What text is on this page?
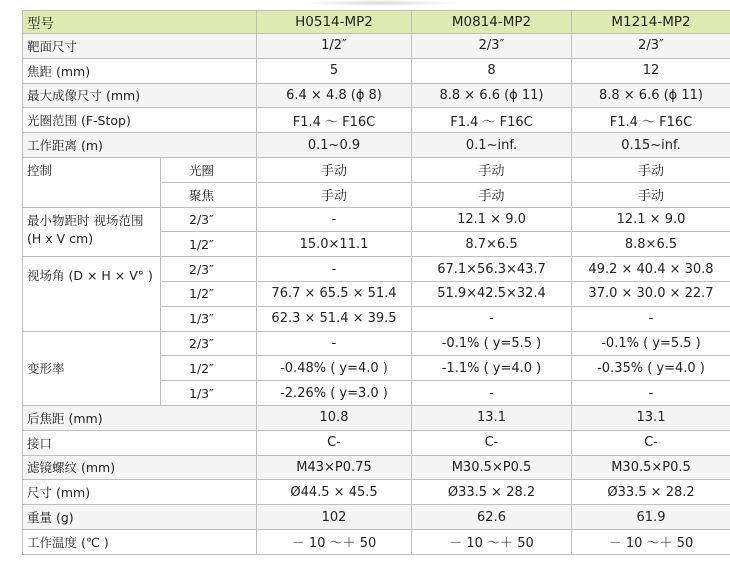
型号		H0514-MP2	M0814-MP2	M1214-MP2
靶面尺寸		1/2″	2/3″	2/3″
焦距 (mm)		5	8	12
最大成像尺寸 (mm)		6.4 × 4.8 (ϕ 8)	8.8 × 6.6 (ϕ 11)	8.8 × 6.6 (ϕ 11)
光圈范围 (F-Stop)		F1.4 〜 F16C	F1.4 〜 F16C	F1.4 〜 F16C
工作距离 (m)		0.1~0.9	0.1~inf.	0.15~inf.
控制	光圈	手动	手动	手动
	聚焦	手动	手动	手动
最小物距时 视场范围 (H x V cm)	2/3″	-	12.1 × 9.0	12.1 × 9.0
	1/2″	15.0×11.1	8.7×6.5	8.8×6.5
视场角 (D × H × V° )	2/3″	-	67.1×56.3×43.7	49.2 × 40.4 × 30.8
	1/2″	76.7 × 65.5 × 51.4	51.9×42.5×32.4	37.0 × 30.0 × 22.7
	1/3″	62.3 × 51.4 × 39.5	-	-
变形率	2/3″	-	-0.1% ( y=5.5 )	-0.1% ( y=5.5 )
	1/2″	-0.48% ( y=4.0 )	-1.1% ( y=4.0 )	-0.35% ( y=4.0 )
	1/3″	-2.26% ( y=3.0 )	-	-
后焦距 (mm)		10.8	13.1	13.1
接口		C-	C-	C-
滤镜螺纹 (mm)		M43×P0.75	M30.5×P0.5	M30.5×P0.5
尺寸 (mm)		Ø44.5 × 45.5	Ø33.5 × 28.2	Ø33.5 × 28.2
重量 (g)		102	62.6	61.9
工作温度 (℃ )		－ 10 〜＋ 50	－ 10 〜＋ 50	－ 10 〜＋ 50
